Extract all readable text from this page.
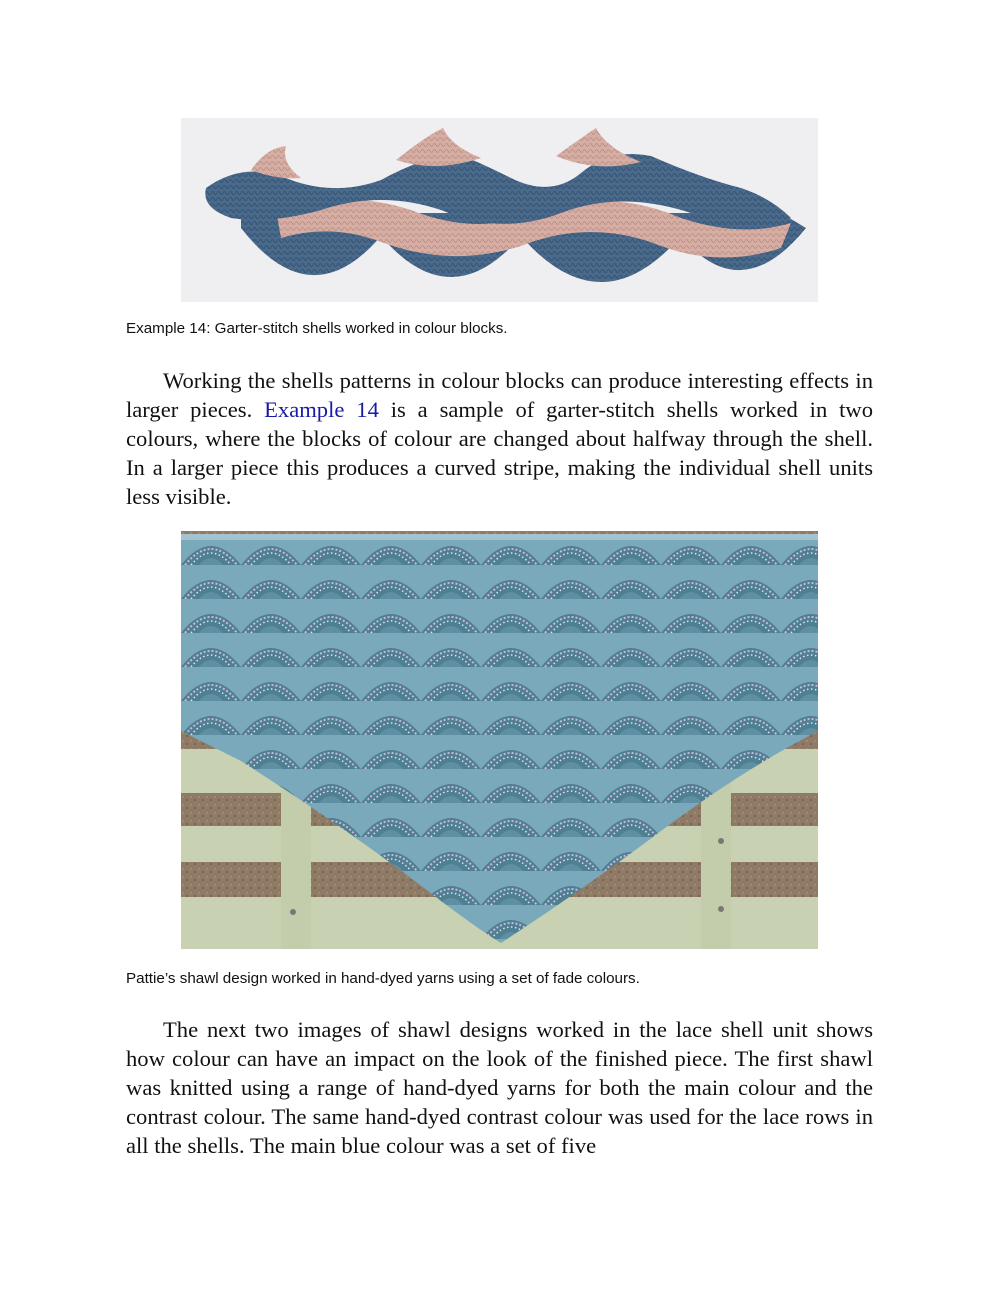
Example 14: Garter-stitch shells worked in colour blocks.

Working the shells patterns in colour blocks can produce interesting effects in larger pieces. Example 14 is a sample of garter-stitch shells worked in two colours, where the blocks of colour are changed about halfway through the shell. In a larger piece this produces a curved stripe, making the individual shell units less visible.

Pattie’s shawl design worked in hand-dyed yarns using a set of fade colours.

The next two images of shawl designs worked in the lace shell unit shows how colour can have an impact on the look of the finished piece. The first shawl was knitted using a range of hand-dyed yarns for both the main colour and the contrast colour. The same hand-dyed contrast colour was used for the lace rows in all the shells. The main blue colour was a set of five
